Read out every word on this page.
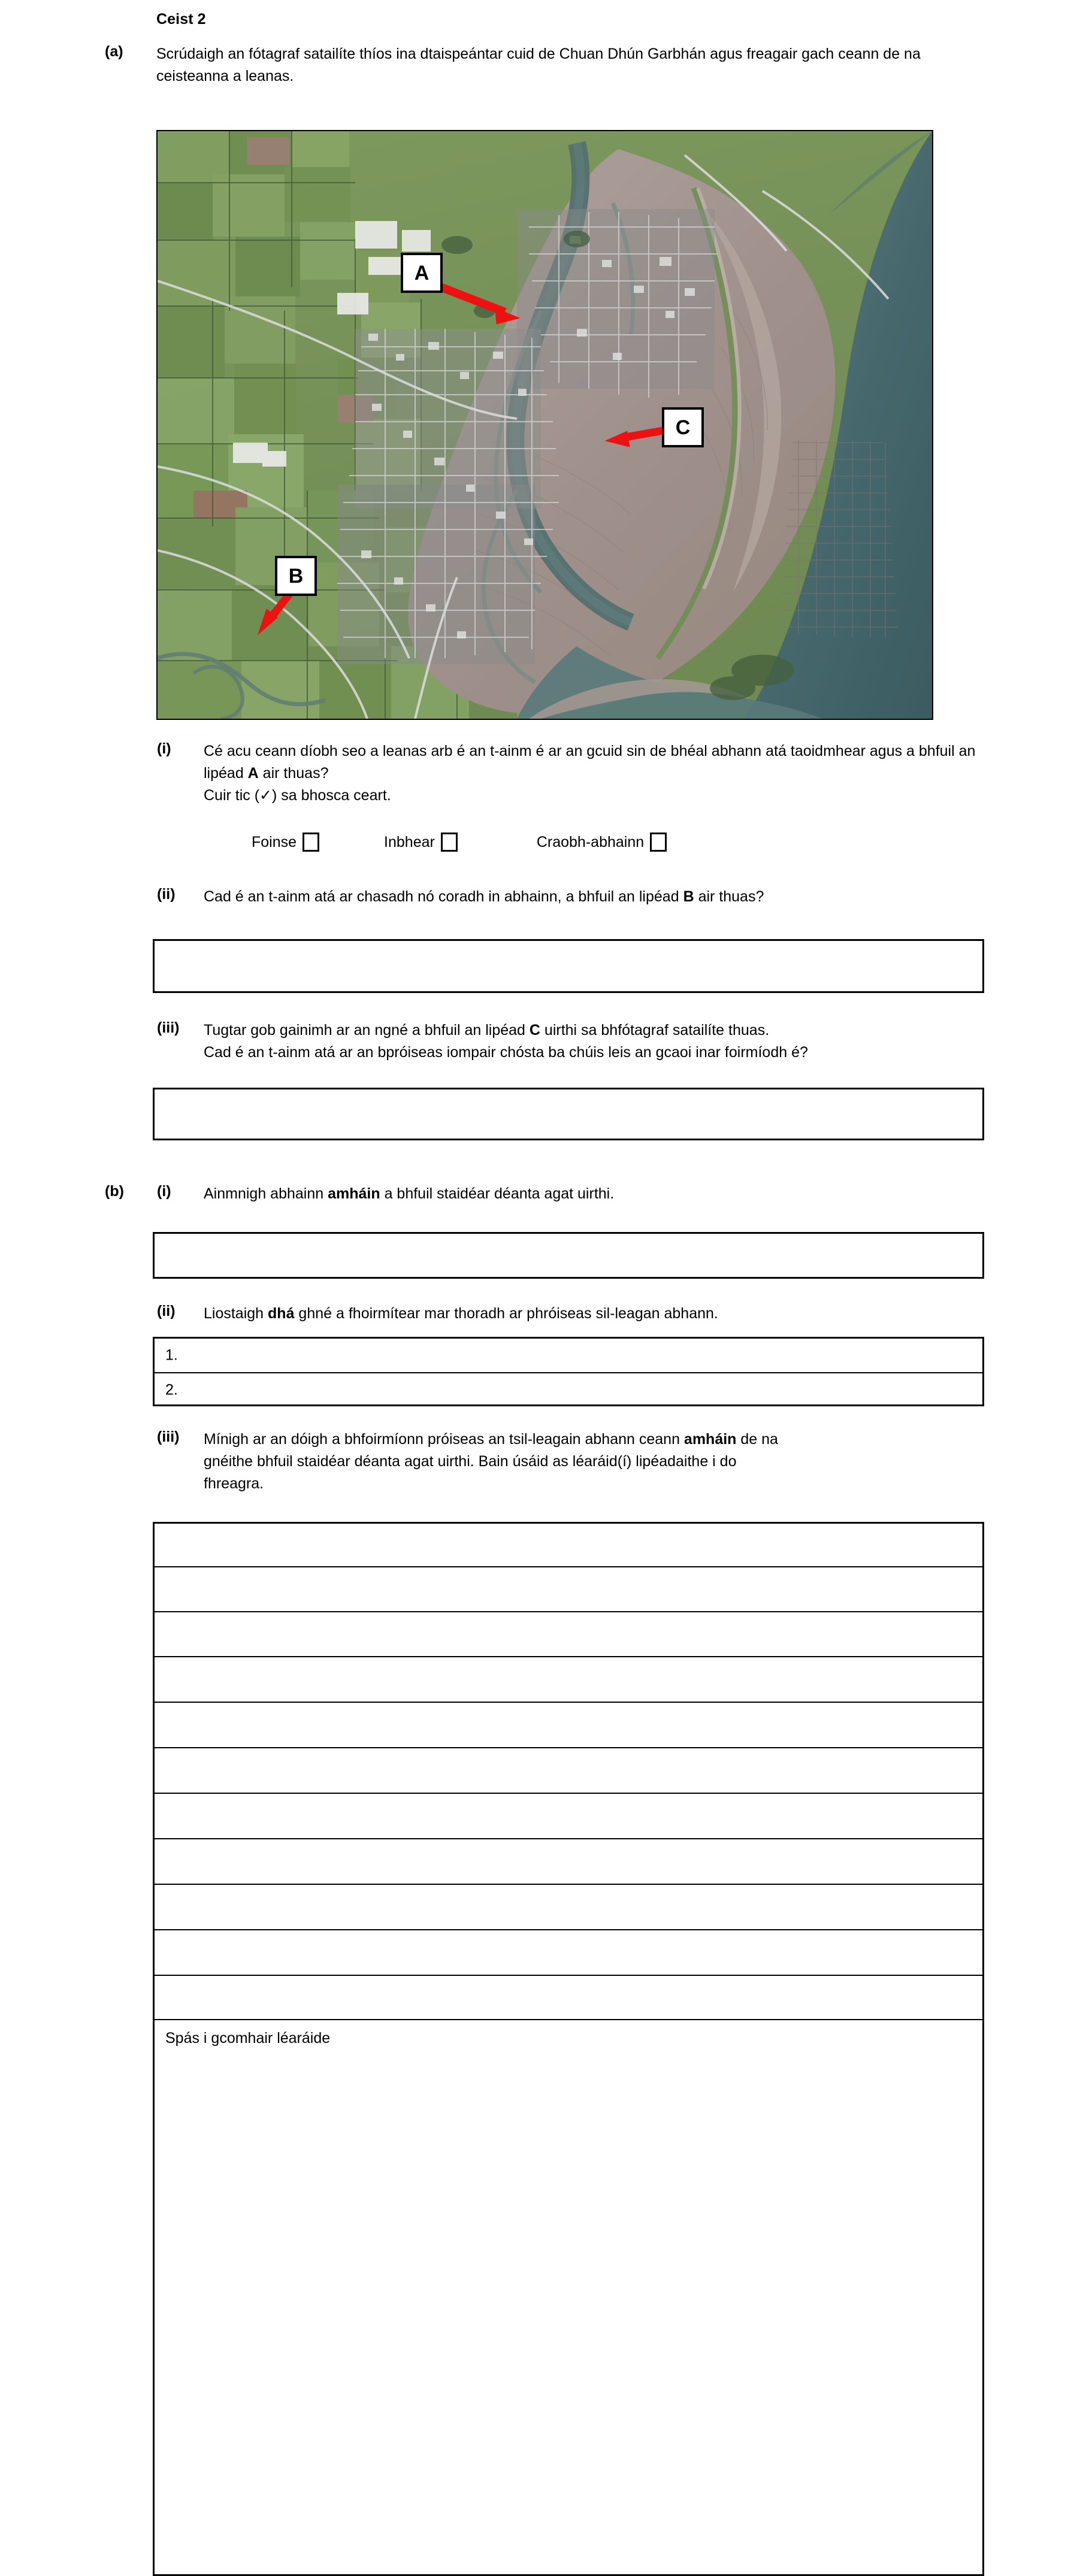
Ceist 2
(a) Scrúdaigh an fótagraf satailíte thíos ina dtaispeántar cuid de Chuan Dhún Garbhán agus freagair gach ceann de na ceisteanna a leanas.
A
B
C
(i) Cé acu ceann díobh seo a leanas arb é an t-ainm é ar an gcuid sin de bhéal abhann atá taoidmhear agus a bhfuil an lipéad A air thuas?
Cuir tic (✓) sa bhosca ceart.
Foinse	Inbhear	Craobh-abhainn
(ii) Cad é an t-ainm atá ar chasadh nó coradh in abhainn, a bhfuil an lipéad B air thuas?
(iii) Tugtar gob gainimh ar an ngné a bhfuil an lipéad C uirthi sa bhfótagraf satailíte thuas.
Cad é an t-ainm atá ar an bpróiseas iompair chósta ba chúis leis an gcaoi inar foirmíodh é?
(b) (i) Ainmnigh abhainn amháin a bhfuil staidéar déanta agat uirthi.
(ii) Liostaigh dhá ghné a fhoirmítear mar thoradh ar phróiseas sil-leagan abhann.
1.
2.
(iii) Mínigh ar an dóigh a bhfoirmíonn próiseas an tsil-leagain abhann ceann amháin de na
gnéithe bhfuil staidéar déanta agat uirthi. Bain úsáid as léaráid(í) lipéadaithe i do
fhreagra.
Spás i gcomhair léaráide
